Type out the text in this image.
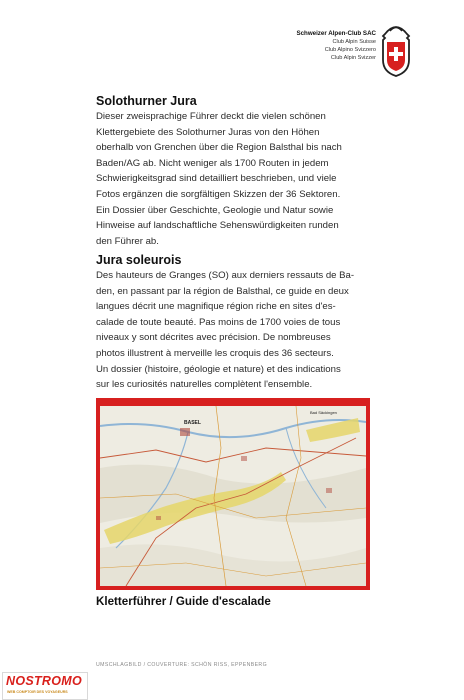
Schweizer Alpen-Club SAC
Club Alpin Suisse
Club Alpino Svizzero
Club Alpin Svizzer
Solothurner Jura

Dieser zweisprachige Führer deckt die vielen schönen

Klettergebiete des Solothurner Juras von den Höhen

oberhalb von Grenchen über die Region Balsthal bis nach

Baden/AG ab. Nicht weniger als 1700 Routen in jedem

Schwierigkeitsgrad sind detailliert beschrieben, und viele

Fotos ergänzen die sorgfältigen Skizzen der 36 Sektoren.

Ein Dossier über Geschichte, Geologie und Natur sowie

Hinweise auf landschaftliche Sehenswürdigkeiten runden

den Führer ab.

Jura soleurois

Des hauteurs de Granges (SO) aux derniers ressauts de Ba-

den, en passant par la région de Balsthal, ce guide en deux

langues décrit une magnifique région riche en sites d'es-

calade de toute beauté. Pas moins de 1700 voies de tous

niveaux y sont décrites avec précision. De nombreuses

photos illustrent à merveille les croquis des 36 secteurs.

Un dossier (histoire, géologie et nature) et des indications

sur les curiosités naturelles complètent l'ensemble.

BASEL
Bad Säckingen
Kletterführer / Guide d'escalade
UMSCHLAGBILD / COUVERTURE: SCHÖN RISS, EPPENBERG
NOSTROMO
WEB COMPTOIR DES VOYAGEURS
